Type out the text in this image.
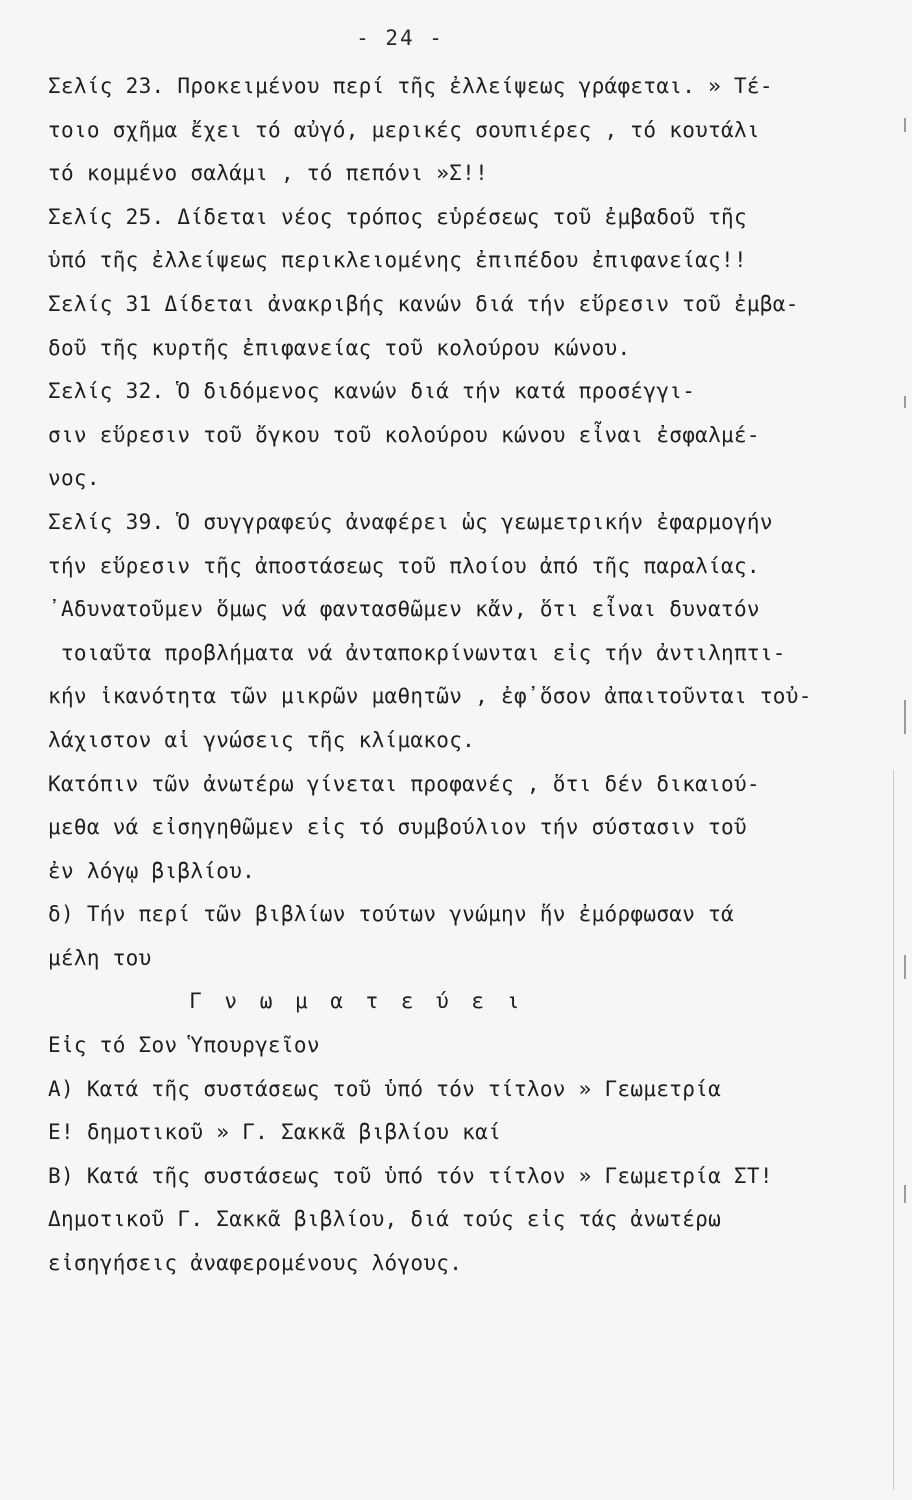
- 24 -
Σελίς 23. Προκειμένου περί τῆς ἐλλείψεως γράφεται. » Τέ-
τοιο σχῆμα ἔχει τό αὐγό, μερικές σουπιέρες , τό κουτάλι
τό κομμένο σαλάμι , τό πεπόνι »Σ!!
Σελίς 25. Δίδεται νέος τρόπος εὑρέσεως τοῦ ἐμβαδοῦ τῆς
ὑπό τῆς ἐλλείψεως περικλειομένης ἐπιπέδου ἐπιφανείας!!
Σελίς 31 Δίδεται ἀνακριβής κανών διά τήν εὕρεσιν τοῦ ἐμβα-
δοῦ τῆς κυρτῆς ἐπιφανείας τοῦ κολούρου κώνου.
Σελίς 32. Ὁ διδόμενος κανών διά τήν κατά προσέγγι-
σιν εὕρεσιν τοῦ ὄγκου τοῦ κολούρου κώνου εἶναι ἐσφαλμέ-
νος.
Σελίς 39. Ὁ συγγραφεύς ἀναφέρει ὡς γεωμετρικήν ἐφαρμογήν
τήν εὕρεσιν τῆς ἀποστάσεως τοῦ πλοίου ἀπό τῆς παραλίας.
᾿Αδυνατοῦμεν ὅμως νά φαντασθῶμεν κἄν, ὅτι εἶναι δυνατόν
τοιαῦτα προβλήματα νά ἀνταποκρίνωνται εἰς τήν ἀντιληπτι-
κήν ἱκανότητα τῶν μικρῶν μαθητῶν , ἐφ᾿ὅσον ἀπαιτοῦνται τοὐ-
λάχιστον αἱ γνώσεις τῆς κλίμακος.
Κατόπιν τῶν ἀνωτέρω γίνεται προφανές , ὅτι δέν δικαιού-
μεθα νά εἰσηγηθῶμεν εἰς τό συμβούλιον τήν σύστασιν τοῦ
ἐν λόγῳ βιβλίου.
δ) Τήν περί τῶν βιβλίων τούτων γνώμην ἥν ἐμόρφωσαν τά
μέλη του
Γ ν ω μ α τ ε ύ ε ι
Εἰς τό Σον Ὑπουργεῖον
Α) Κατά τῆς συστάσεως τοῦ ὑπό τόν τίτλον » Γεωμετρία
Ε! δημοτικοῦ » Γ. Σακκᾶ βιβλίου καί
Β) Κατά τῆς συστάσεως τοῦ ὑπό τόν τίτλον » Γεωμετρία ΣΤ!
Δημοτικοῦ Γ. Σακκᾶ βιβλίου, διά τούς εἰς τάς ἀνωτέρω
εἰσηγήσεις ἀναφερομένους λόγους.
